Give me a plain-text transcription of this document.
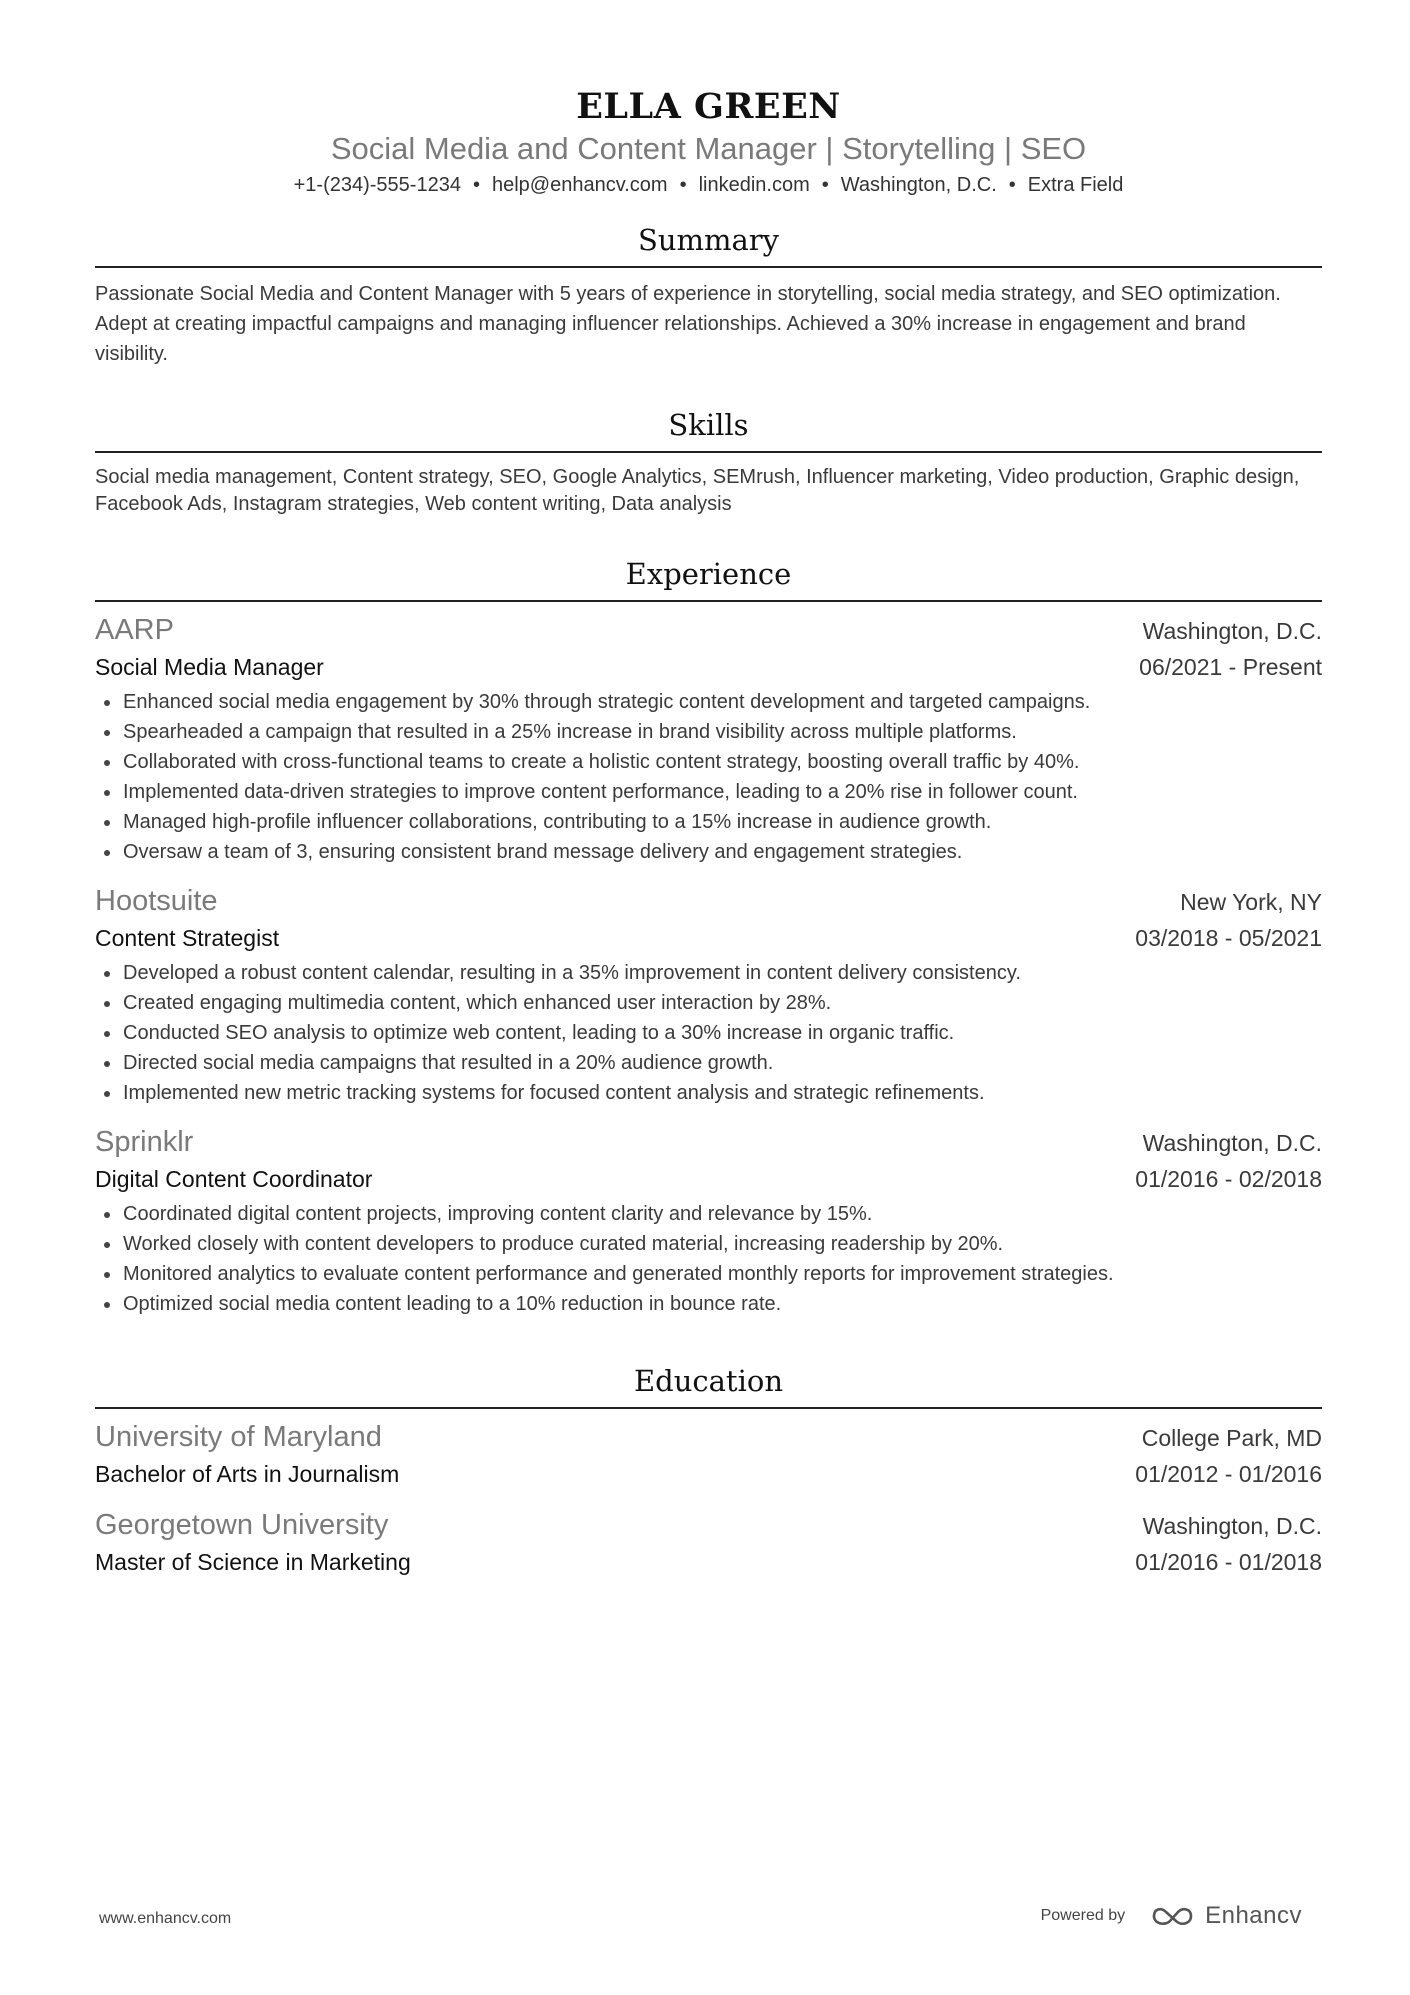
ELLA GREEN
Social Media and Content Manager | Storytelling | SEO
+1-(234)-555-1234 • help@enhancv.com • linkedin.com • Washington, D.C. • Extra Field
Summary
Passionate Social Media and Content Manager with 5 years of experience in storytelling, social media strategy, and SEO optimization. Adept at creating impactful campaigns and managing influencer relationships. Achieved a 30% increase in engagement and brand visibility.
Skills
Social media management, Content strategy, SEO, Google Analytics, SEMrush, Influencer marketing, Video production, Graphic design, Facebook Ads, Instagram strategies, Web content writing, Data analysis
Experience
AARP	Washington, D.C.
Social Media Manager	06/2021 - Present
Enhanced social media engagement by 30% through strategic content development and targeted campaigns.
Spearheaded a campaign that resulted in a 25% increase in brand visibility across multiple platforms.
Collaborated with cross-functional teams to create a holistic content strategy, boosting overall traffic by 40%.
Implemented data-driven strategies to improve content performance, leading to a 20% rise in follower count.
Managed high-profile influencer collaborations, contributing to a 15% increase in audience growth.
Oversaw a team of 3, ensuring consistent brand message delivery and engagement strategies.
Hootsuite	New York, NY
Content Strategist	03/2018 - 05/2021
Developed a robust content calendar, resulting in a 35% improvement in content delivery consistency.
Created engaging multimedia content, which enhanced user interaction by 28%.
Conducted SEO analysis to optimize web content, leading to a 30% increase in organic traffic.
Directed social media campaigns that resulted in a 20% audience growth.
Implemented new metric tracking systems for focused content analysis and strategic refinements.
Sprinklr	Washington, D.C.
Digital Content Coordinator	01/2016 - 02/2018
Coordinated digital content projects, improving content clarity and relevance by 15%.
Worked closely with content developers to produce curated material, increasing readership by 20%.
Monitored analytics to evaluate content performance and generated monthly reports for improvement strategies.
Optimized social media content leading to a 10% reduction in bounce rate.
Education
University of Maryland	College Park, MD
Bachelor of Arts in Journalism	01/2012 - 01/2016
Georgetown University	Washington, D.C.
Master of Science in Marketing	01/2016 - 01/2018
www.enhancv.com	Powered by	Enhancv
